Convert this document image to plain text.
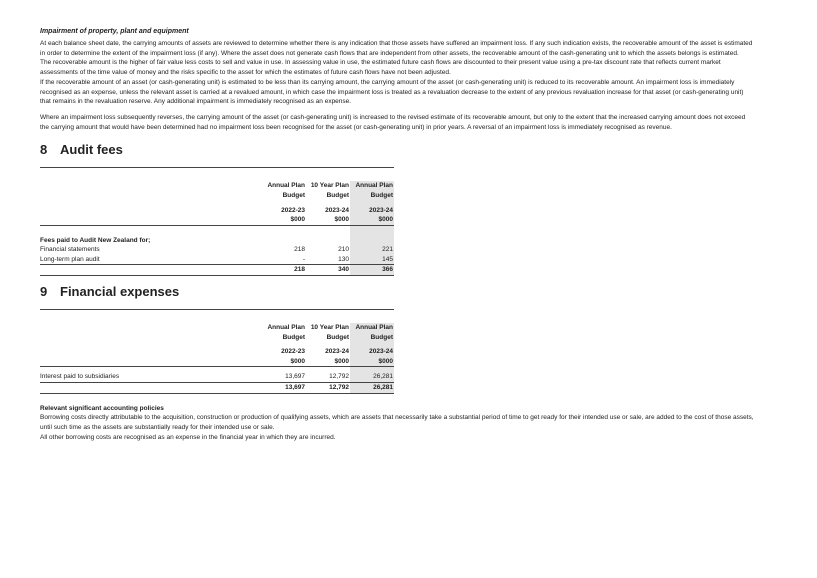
Impairment of property, plant and equipment

At each balance sheet date, the carrying amounts of assets are reviewed to determine whether there is any indication that those assets have suffered an impairment loss. If any such indication exists, the recoverable amount of the asset is estimated in order to determine the extent of the impairment loss (if any). Where the asset does not generate cash flows that are independent from other assets, the recoverable amount of the cash-generating unit to which the assets belongs is estimated.

The recoverable amount is the higher of fair value less costs to sell and value in use. In assessing value in use, the estimated future cash flows are discounted to their present value using a pre-tax discount rate that reflects current market assessments of the time value of money and the risks specific to the asset for which the estimates of future cash flows have not been adjusted.

If the recoverable amount of an asset (or cash-generating unit) is estimated to be less than its carrying amount, the carrying amount of the asset (or cash-generating unit) is reduced to its recoverable amount. An impairment loss is immediately recognised as an expense, unless the relevant asset is carried at a revalued amount, in which case the impairment loss is treated as a revaluation decrease to the extent of any previous revaluation increase for that asset (or cash-generating unit) that remains in the revaluation reserve. Any additional impairment is immediately recognised as an expense.

Where an impairment loss subsequently reverses, the carrying amount of the asset (or cash-generating unit) is increased to the revised estimate of its recoverable amount, but only to the extent that the increased carrying amount does not exceed the carrying amount that would have been determined had no impairment loss been recognised for the asset (or cash-generating unit) in prior years. A reversal of an impairment loss is immediately recognised as revenue.

8 Audit fees
Annual Plan 10 Year Plan Annual Plan
Budget	Budget	Budget
2022-23	2023-24	2023-24
$000	$000	$000
Fees paid to Audit New Zealand for;
Financial statements	218	210	221
Long-term plan audit	-	130	145
218	340	366
9 Financial expenses
Annual Plan 10 Year Plan Annual Plan
Budget	Budget	Budget
2022-23	2023-24	2023-24
$000	$000	$000
Interest paid to subsidiaries	13,697	12,792	26,281
13,697	12,792	26,281

Relevant significant accounting policies

Borrowing costs directly attributable to the acquisition, construction or production of qualifying assets, which are assets that necessarily take a substantial period of time to get ready for their intended use or sale, are added to the cost of those assets, until such time as the assets are substantially ready for their intended use or sale.

All other borrowing costs are recognised as an expense in the financial year in which they are incurred.
